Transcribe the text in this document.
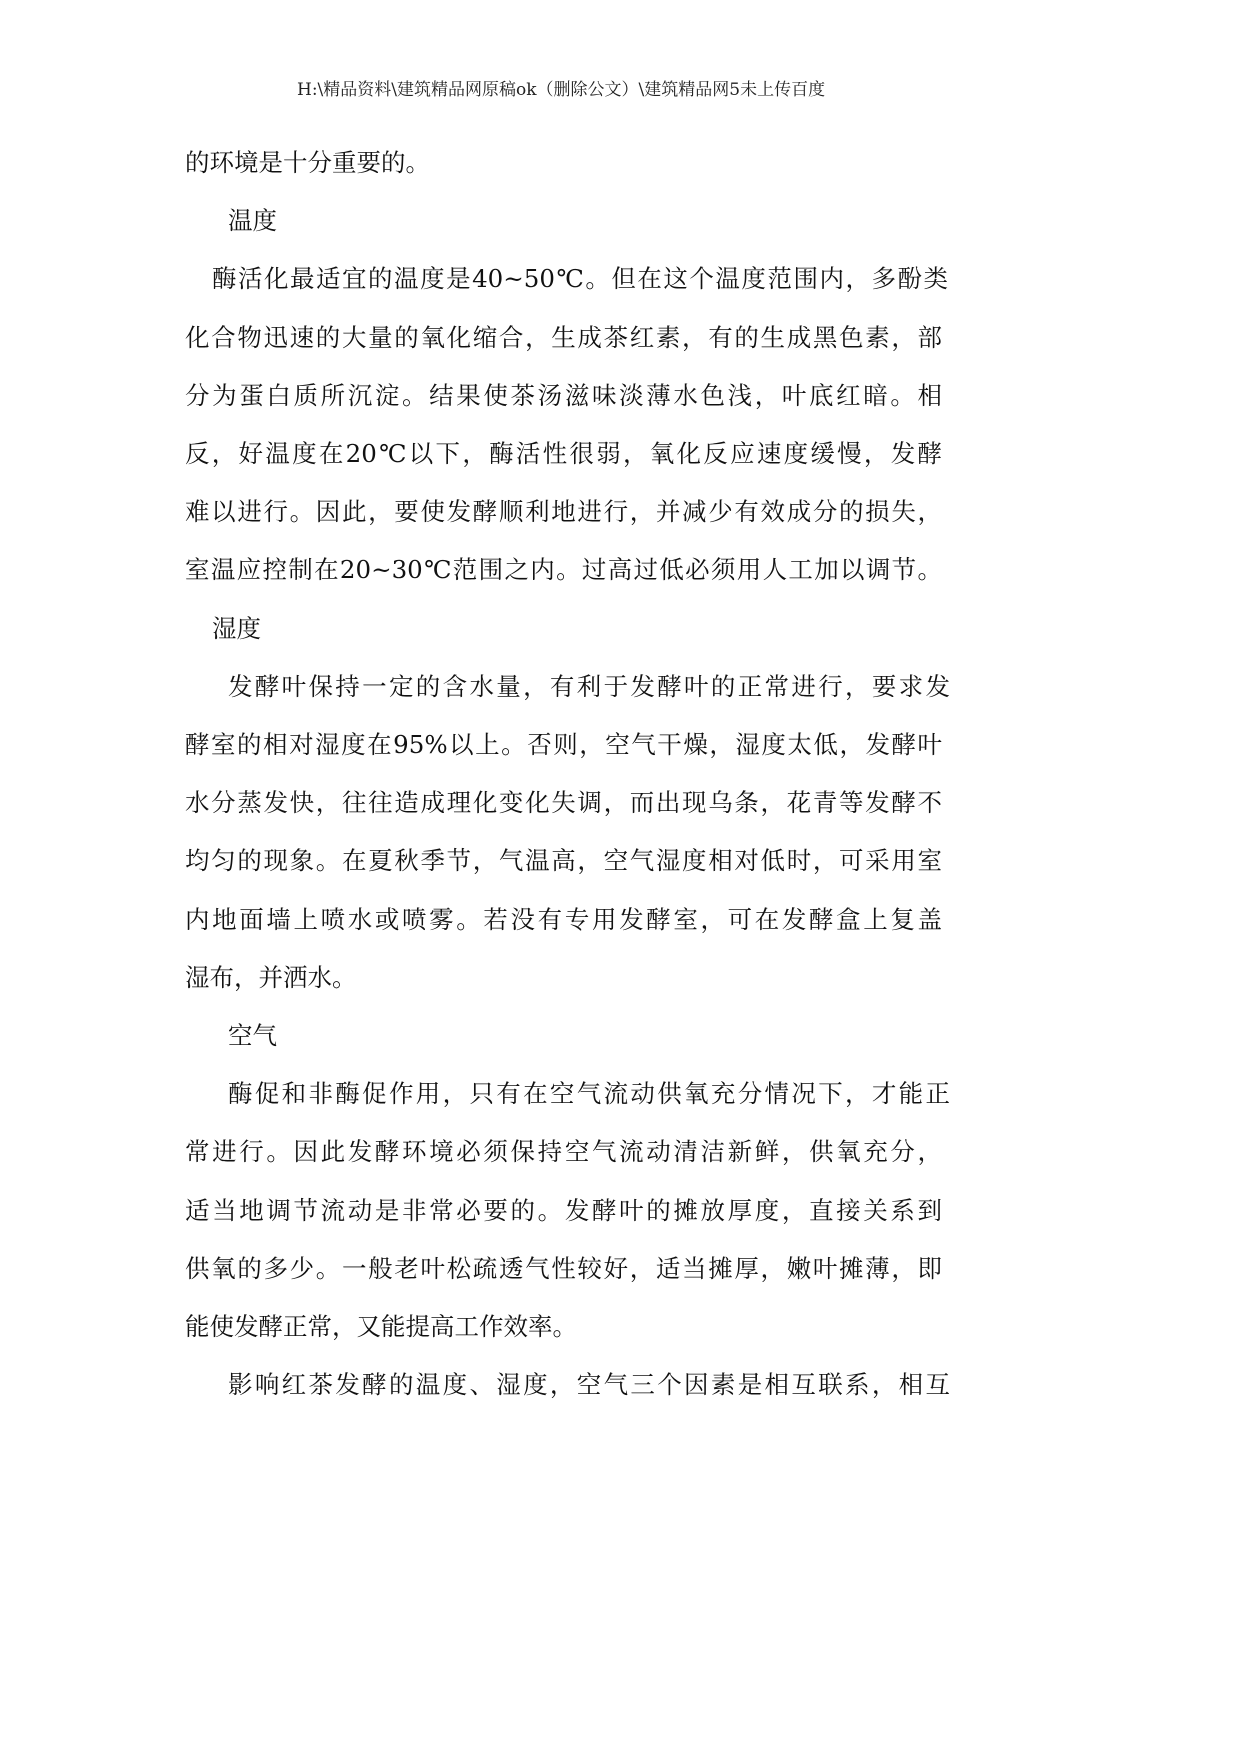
H:\精品资料\建筑精品网原稿ok（删除公文）\建筑精品网5未上传百度
的环境是十分重要的。
温度
酶活化最适宜的温度是40~50℃。但在这个温度范围内，多酚类
化合物迅速的大量的氧化缩合，生成茶红素，有的生成黑色素，部
分为蛋白质所沉淀。结果使茶汤滋味淡薄水色浅，叶底红暗。相
反，好温度在20℃以下，酶活性很弱，氧化反应速度缓慢，发酵
难以进行。因此，要使发酵顺利地进行，并减少有效成分的损失，
室温应控制在20~30℃范围之内。过高过低必须用人工加以调节。
湿度
发酵叶保持一定的含水量，有利于发酵叶的正常进行，要求发
酵室的相对湿度在95%以上。否则，空气干燥，湿度太低，发酵叶
水分蒸发快，往往造成理化变化失调，而出现乌条，花青等发酵不
均匀的现象。在夏秋季节，气温高，空气湿度相对低时，可采用室
内地面墙上喷水或喷雾。若没有专用发酵室，可在发酵盒上复盖
湿布，并洒水。
空气
酶促和非酶促作用，只有在空气流动供氧充分情况下，才能正
常进行。因此发酵环境必须保持空气流动清洁新鲜，供氧充分，
适当地调节流动是非常必要的。发酵叶的摊放厚度，直接关系到
供氧的多少。一般老叶松疏透气性较好，适当摊厚，嫩叶摊薄，即
能使发酵正常，又能提高工作效率。
影响红茶发酵的温度、湿度，空气三个因素是相互联系，相互
